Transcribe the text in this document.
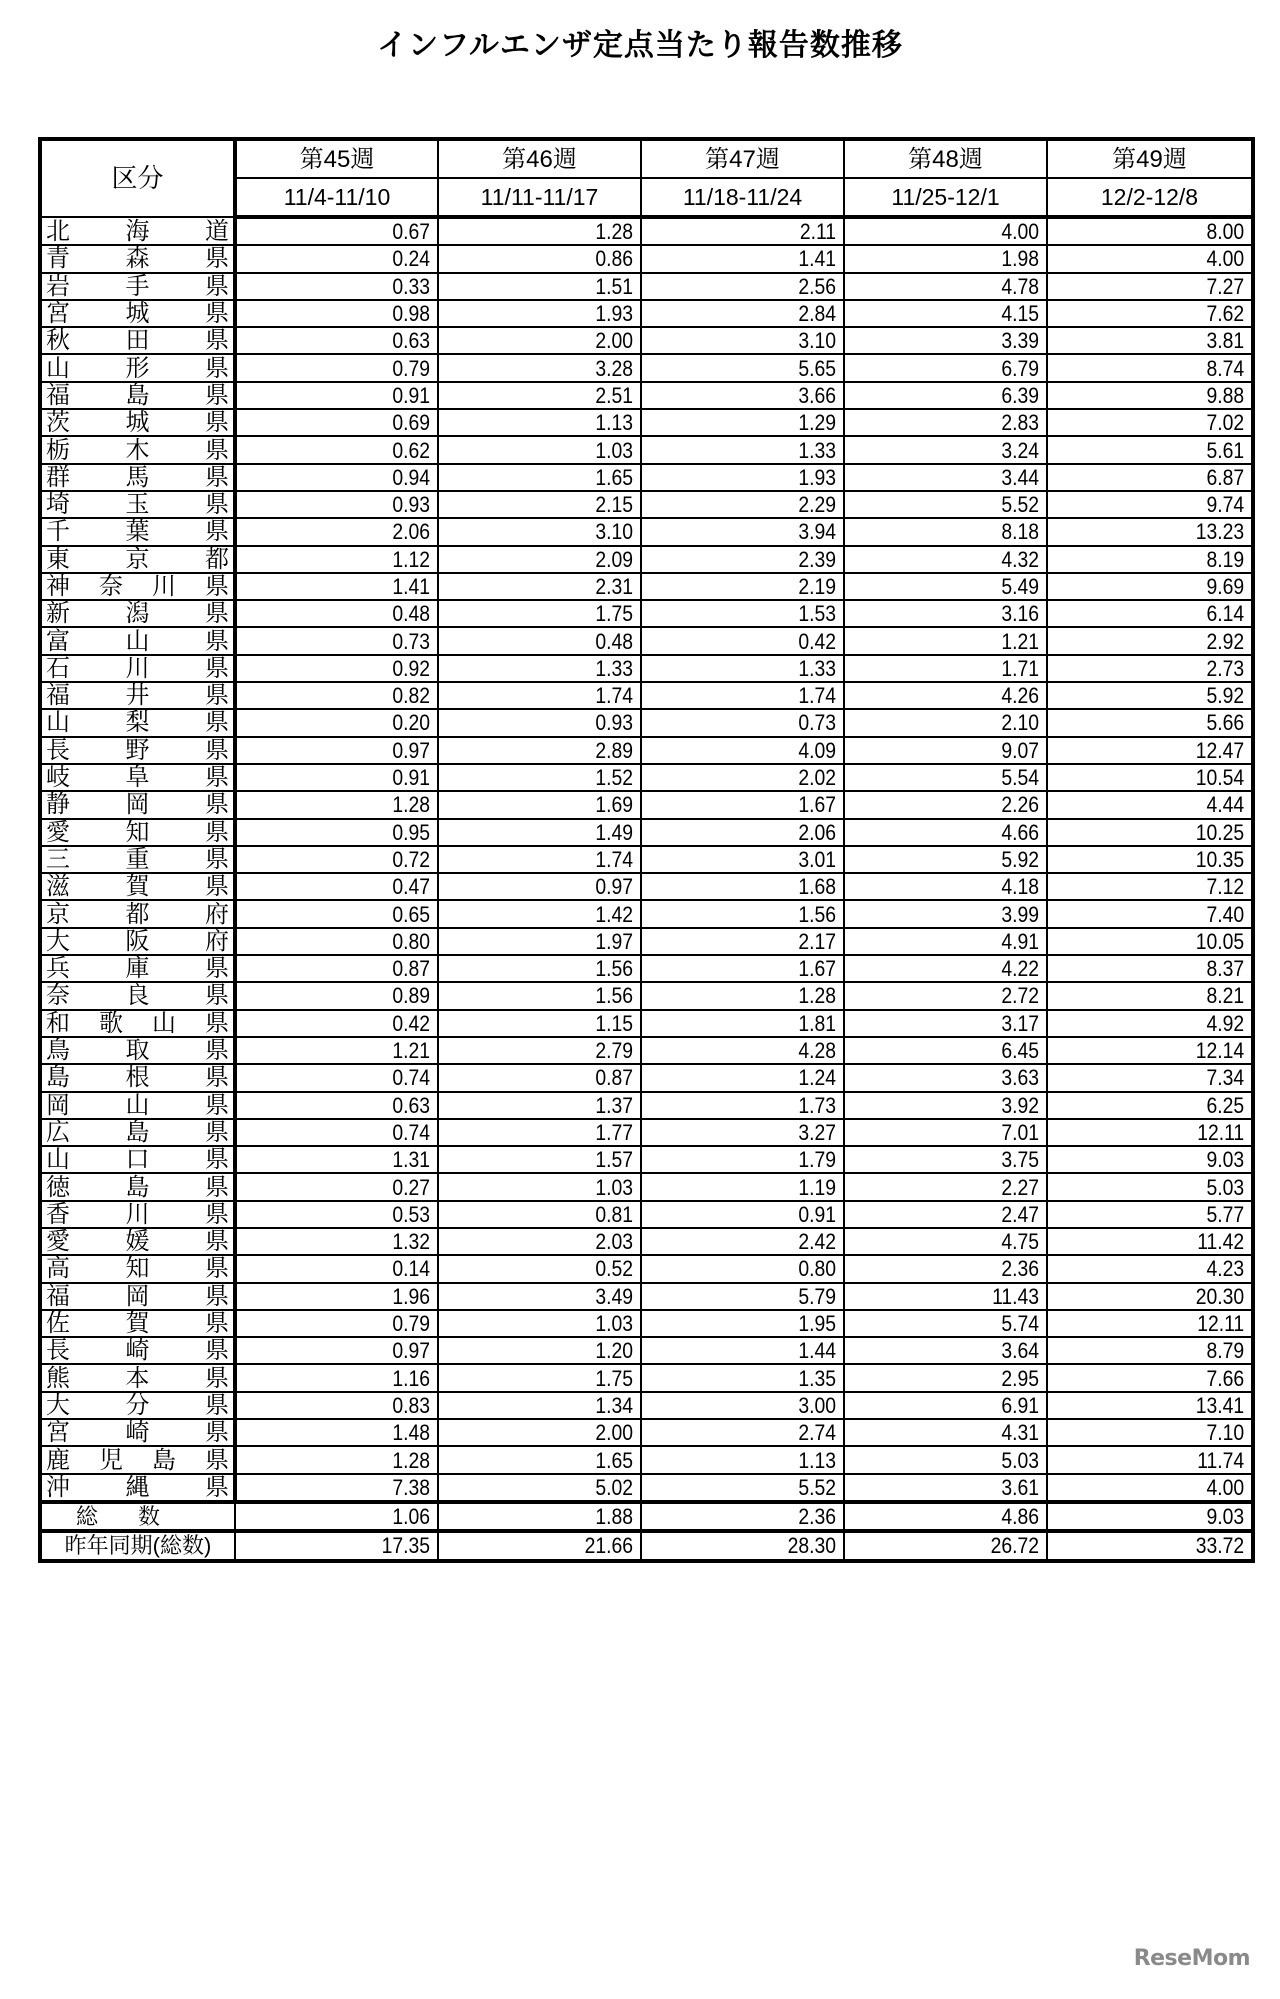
インフルエンザ定点当たり報告数推移
区分	第45週	第46週	第47週	第48週	第49週
	11/4-11/10	11/11-11/17	11/18-11/24	11/25-12/1	12/2-12/8

北 海 道	0.67	1.28	2.11	4.00	8.00

青 森 県	0.24	0.86	1.41	1.98	4.00

岩 手 県	0.33	1.51	2.56	4.78	7.27

宮 城 県	0.98	1.93	2.84	4.15	7.62

秋 田 県	0.63	2.00	3.10	3.39	3.81

山 形 県	0.79	3.28	5.65	6.79	8.74

福 島 県	0.91	2.51	3.66	6.39	9.88

茨 城 県	0.69	1.13	1.29	2.83	7.02

栃 木 県	0.62	1.03	1.33	3.24	5.61

群 馬 県	0.94	1.65	1.93	3.44	6.87

埼 玉 県	0.93	2.15	2.29	5.52	9.74

千 葉 県	2.06	3.10	3.94	8.18	13.23

東 京 都	1.12	2.09	2.39	4.32	8.19

神 奈 川 県	1.41	2.31	2.19	5.49	9.69

新 潟 県	0.48	1.75	1.53	3.16	6.14

富 山 県	0.73	0.48	0.42	1.21	2.92

石 川 県	0.92	1.33	1.33	1.71	2.73

福 井 県	0.82	1.74	1.74	4.26	5.92

山 梨 県	0.20	0.93	0.73	2.10	5.66

長 野 県	0.97	2.89	4.09	9.07	12.47

岐 阜 県	0.91	1.52	2.02	5.54	10.54

静 岡 県	1.28	1.69	1.67	2.26	4.44

愛 知 県	0.95	1.49	2.06	4.66	10.25

三 重 県	0.72	1.74	3.01	5.92	10.35

滋 賀 県	0.47	0.97	1.68	4.18	7.12

京 都 府	0.65	1.42	1.56	3.99	7.40

大 阪 府	0.80	1.97	2.17	4.91	10.05

兵 庫 県	0.87	1.56	1.67	4.22	8.37

奈 良 県	0.89	1.56	1.28	2.72	8.21

和 歌 山 県	0.42	1.15	1.81	3.17	4.92

鳥 取 県	1.21	2.79	4.28	6.45	12.14

島 根 県	0.74	0.87	1.24	3.63	7.34

岡 山 県	0.63	1.37	1.73	3.92	6.25

広 島 県	0.74	1.77	3.27	7.01	12.11

山 口 県	1.31	1.57	1.79	3.75	9.03

徳 島 県	0.27	1.03	1.19	2.27	5.03

香 川 県	0.53	0.81	0.91	2.47	5.77

愛 媛 県	1.32	2.03	2.42	4.75	11.42

高 知 県	0.14	0.52	0.80	2.36	4.23

福 岡 県	1.96	3.49	5.79	11.43	20.30

佐 賀 県	0.79	1.03	1.95	5.74	12.11

長 崎 県	0.97	1.20	1.44	3.64	8.79

熊 本 県	1.16	1.75	1.35	2.95	7.66

大 分 県	0.83	1.34	3.00	6.91	13.41

宮 崎 県	1.48	2.00	2.74	4.31	7.10

鹿 児 島 県	1.28	1.65	1.13	5.03	11.74

沖 縄 県	7.38	5.02	5.52	3.61	4.00
総数	1.06	1.88	2.36	4.86	9.03
昨年同期(総数)	17.35	21.66	28.30	26.72	33.72
ReseMom
